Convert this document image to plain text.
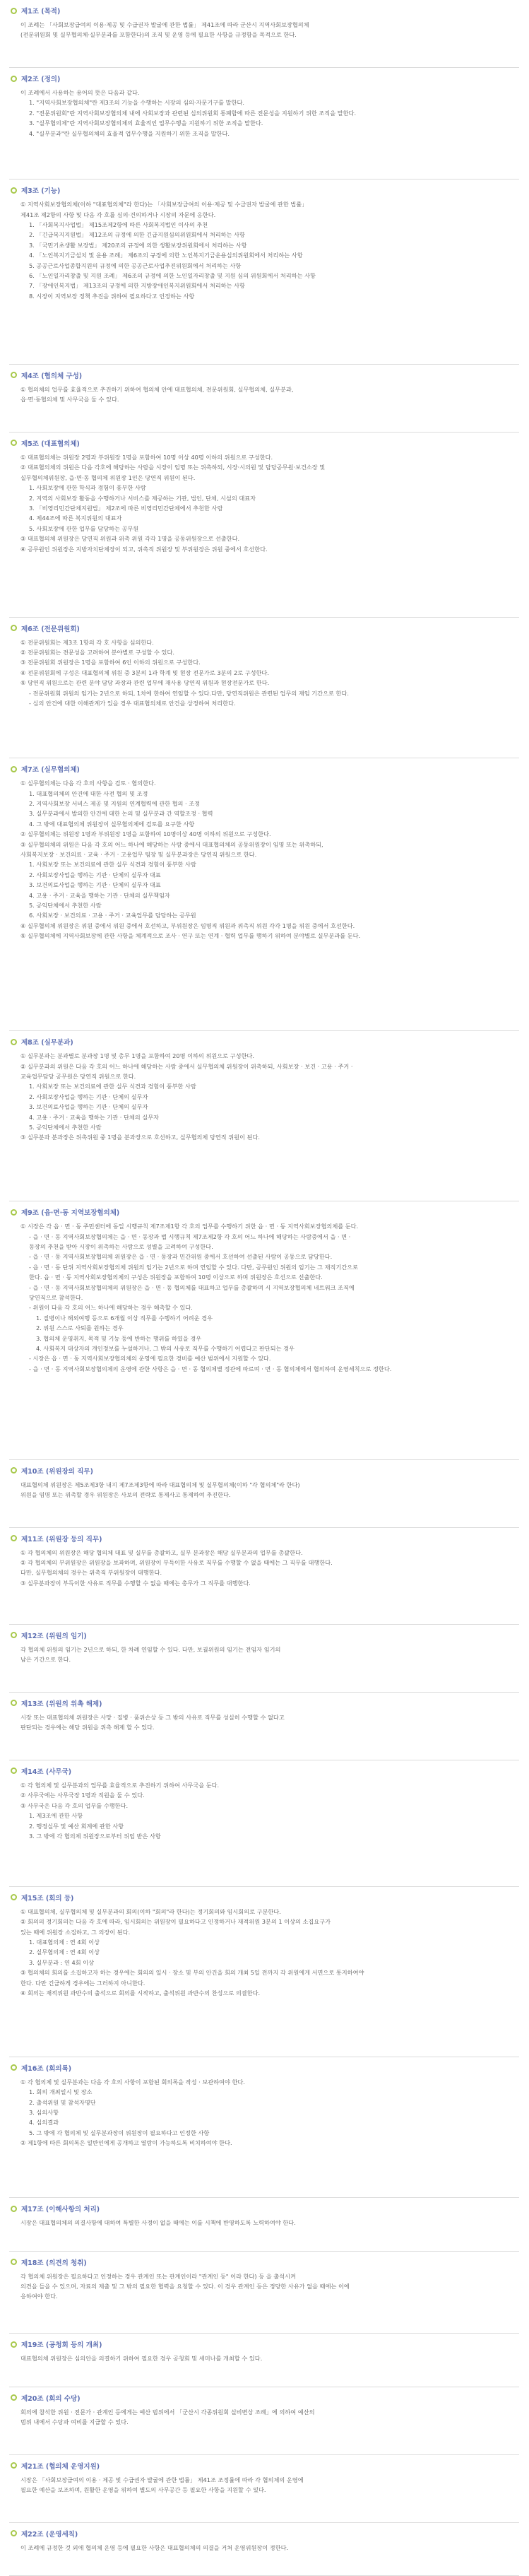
제1조 (목적)
이 조례는 「사회보장급여의 이용·제공 및 수급권자 발굴에 관한 법률」 제41조에 따라 군산시 지역사회보장협의체
(전문위원회 및 실무협의체·실무분과를 포함한다)의 조직 및 운영 등에 필요한 사항을 규정함을 목적으로 한다.
제2조 (정의)
이 조례에서 사용하는 용어의 뜻은 다음과 같다.
1. "지역사회보장협의체"란 제3조의 기능을 수행하는 시장의 심의·자문기구를 말한다.
2. "전문위원회"란 지역사회보장협의체 내에 사회보장과 관련된 심의위원회 통폐합에 따른 전문성을 지원하기 위한 조직을 말한다.
3. "실무협의체"란 지역사회보장협의체의 효율적인 업무수행을 지원하기 위한 조직을 말한다.
4. "실무분과"란 실무협의체의 효율적 업무수행을 지원하기 위한 조직을 말한다.
제3조 (기능)
① 지역사회보장협의체(이하 "대표협의체"라 한다)는 「사회보장급여의 이용·제공 및 수급권자 발굴에 관한 법률」
제41조 제2항의 사항 및 다음 각 호를 심의·건의하거나 시장의 자문에 응한다.
1. 「사회복지사업법」 제15조제2항에 따른 사회복지법인 이사의 추천
2. 「긴급복지지원법」 제12조의 규정에 의한 긴급지원심의위원회에서 처리하는 사항
3. 「국민기초생활 보장법」 제20조의 규정에 의한 생활보장위원회에서 처리하는 사항
4. 「노인복지기금설치 및 운용 조례」 제6조의 규정에 의한 노인복지기금운용심의위원회에서 처리하는 사항
5. 공공근로사업종합지원의 규정에 의한 공공근로사업추진위원회에서 처리하는 사항
6. 「노인일자리창출 및 지원 조례」 제6조의 규정에 의한 노인일자리창출 및 지원 심의 위원회에서 처리하는 사항
7. 「장애인복지법」 제13조의 규정에 의한 지방장애인복지위원회에서 처리하는 사항
8. 시장이 지역보장 정책 추진을 위하여 필요하다고 인정하는 사항
제4조 (협의체 구성)
① 협의체의 업무를 효율적으로 추진하기 위하여 협의체 안에 대표협의체, 전문위원회, 실무협의체, 실무분과,
읍·면·동협의체 및 사무국을 둘 수 있다.
제5조 (대표협의체)
① 대표협의체는 위원장 2명과 부위원장 1명을 포함하여 10명 이상 40명 이하의 위원으로 구성한다.
② 대표협의체의 위원은 다음 각호에 해당하는 사람을 시장이 임명 또는 위촉하되, 시장·시의원 및 담당공무원·보건소장 및
실무협의체위원장, 읍·면·동 협의체 위원장 1인은 당연직 위원이 된다.
1. 사회보장에 관한 학식과 경험이 풍부한 사람
2. 지역의 사회보장 활동을 수행하거나 서비스를 제공하는 기관, 법인, 단체, 시설의 대표자
3. 「비영리민간단체지원법」 제2조에 따른 비영리민간단체에서 추천한 사람
4. 제44조에 따른 복지위원의 대표자
5. 사회보장에 관한 업무를 담당하는 공무원
③ 대표협의체 위원장은 당연직 위원과 위촉 위원 각각 1명을 공동위원장으로 선출한다.
④ 공무원인 위원장은 지방자치단체장이 되고, 위촉직 위원장 및 부위원장은 위원 중에서 호선한다.
제6조 (전문위원회)
① 전문위원회는 제3조 1항의 각 호 사항을 심의한다.
② 전문위원회는 전문성을 고려하여 분야별로 구성할 수 있다.
③ 전문위원회 위원장은 1명을 포함하여 6인 이하의 위원으로 구성한다.
④ 전문위원회에 구성은 대표협의체 위원 중 3분의 1과 학계 및 현장 전문가로 3분의 2로 구성한다.
⑤ 당연직 위원으로는 관련 분야 담당 과장과 관련 업무에 재사용 당연직 위원과 현장전문가로 한다.
- 전문위원회 위원의 임기는 2년으로 하되, 1차에 한하여 연임할 수 있다.다만, 당연직위원은 관련된 업무의 재임 기간으로 한다.
- 심의 안건에 대한 이해관계가 있을 경우 대표협의체로 안건을 상정하여 처리한다.
제7조 (실무협의체)
① 실무협의체는 다음 각 호의 사항을 검토 · 협의한다.
1. 대표협의체의 안건에 대한 사전 협의 및 조정
2. 지역사회보장 서비스 제공 및 지원의 연계협력에 관한 협의 · 조정
3. 실무분과에서 발의한 안건에 대한 논의 및 실무분과 간 역할조정 · 협력
4. 그 밖에 대표협의체 위원장이 실무협의체에 검토를 요구한 사항
② 실무협의체는 위원장 1명과 부위원장 1명을 포함하여 10명이상 40명 이하의 위원으로 구성한다.
③ 실무협의체의 위원은 다음 각 호의 어느 하나에 해당하는 사람 중에서 대표협의체의 공동위원장이 임명 또는 위촉하되,
사회복지보장 · 보건의료 · 교육 · 주거 · 고용업무 팀장 및 실무분과장은 당연직 위원으로 한다.
1. 사회보장 또는 보건의료에 관한 실무 식견과 경험이 풍부한 사람
2. 사회보장사업을 행하는 기관 · 단체의 실무자 대표
3. 보건의료사업을 행하는 기관 · 단체의 실무자 대표
4. 고용 · 주거 · 교육을 행하는 기관 · 단체의 실무책임자
5. 공익단체에서 추천한 사람
6. 사회보장 · 보건의료 · 고용 · 주거 · 교육업무를 담당하는 공무원
④ 실무협의체 위원장은 위원 중에서 위원 중에서 호선하고, 부위원장은 임명직 위원과 위촉직 위원 각각 1명을 위원 중에서 호선한다.
⑤ 실무협의체에 지역사회보장에 관한 사항을 체계적으로 조사 · 연구 또는 연계 · 협력 업무를 행하기 위하여 분야별로 실무분과를 둔다.
제8조 (실무분과)
① 실무분과는 분과별로 분과장 1명 및 총무 1명을 포함하여 20명 이하의 위원으로 구성한다.
② 실무분과의 위원은 다음 각 호의 어느 하나에 해당하는 사람 중에서 실무협의체 위원장이 위촉하되, 사회보장 · 보건 · 고용 · 주거 ·
교육업무담당 공무원은 당연직 위원으로 한다.
1. 사회보장 또는 보건의료에 관한 실무 식견과 경험이 풍부한 사람
2. 사회보장사업을 행하는 기관 · 단체의 실무자
3. 보건의료사업을 행하는 기관 · 단체의 실무자
4. 고용 · 주거 · 교육을 행하는 기관 · 단체의 실무자
5. 공익단체에서 추천한 사람
③ 실무분과 분과장은 위촉위원 중 1명을 분과장으로 호선하고, 실무협의체 당연직 위원이 된다.
제9조 (읍·면·동 지역보장협의체)
① 시장은 각 읍 · 면 · 동 주민센터에 동일 시행규칙 제7조제1항 각 호의 업무를 수행하기 위한 읍 · 면 · 동 지역사회보장협의체를 둔다.
- 읍 · 면 · 동 지역사회보장협의체는 읍 · 면 · 동장과 법 시행규칙 제7조제2항 각 호의 어느 하나에 해당하는 사람중에서 읍 · 면 ·
동장의 추천을 받아 시장이 위촉하는 사람으로 성별을 고려하여 구성한다.
- 읍 · 면 · 동 지역사회보장협의체 위원장은 읍 · 면 · 동장과 민간위원 중에서 호선하여 선출된 사람이 공동으로 담당한다.
- 읍 · 면 · 동 단위 지역사회보장협의체 위원의 임기는 2년으로 하며 연임할 수 있다. 다만, 공무원인 위원의 임기는 그 재직기간으로
한다. 읍 · 면 · 동 지역사회보장협의체의 구성은 위원장을 포함하여 10명 이상으로 하며 위원장은 호선으로 선출한다.
- 읍 · 면 · 동 지역사회보장협의체의 위원장은 읍 · 면 · 동 협의체를 대표하고 업무를 총괄하며 시 지역보장협의체 네트워크 조직에
당연직으로 참석한다.
- 위원이 다음 각 호의 어느 하나에 해당하는 경우 해촉할 수 있다.
1. 질병이나 해외여행 등으로 6개월 이상 직무를 수행하기 어려운 경우
2. 위원 스스로 사퇴를 원하는 경우
3. 협의체 운영취지, 목적 및 기능 등에 반하는 행위를 하였을 경우
4. 사회복지 대상자의 개인정보를 누설하거나, 그 밖의 사유로 직무를 수행하기 어렵다고 판단되는 경우
- 시장은 읍 · 면 · 동 지역사회보장협의체의 운영에 필요한 경비를 예산 범위에서 지원할 수 있다.
- 읍 · 면 · 동 지역사회보장협의체의 운영에 관한 사항은 읍 · 면 · 동 협의체별 정관에 따르며 · 면 · 동 협의체에서 협의하여 운영세칙으로 정한다.
제10조 (위원장의 직무)
대표협의체 위원장은 제5조제3항 내지 제7조제3항에 따라 대표협의체 및 실무협의체(이하 "각 협의체"라 한다)
위원을 임명 또는 위촉할 경우 위원장은 사보의 전략로 통제사고 통제하여 추진한다.
제11조 (위원장 등의 직무)
① 각 협의체의 위원장은 해당 협의체 대표 및 실무를 총괄하고, 실무 분과장은 해당 실무분과의 업무를 총괄한다.
② 각 협의체의 부위원장은 위원장을 보좌하며, 위원장이 부득이한 사유로 직무를 수행할 수 없을 때에는 그 직무를 대행한다.
다만, 실무협의체의 경우는 위촉직 부위원장이 대행한다.
③ 실무분과장이 부득이한 사유로 직무를 수행할 수 없을 때에는 총무가 그 직무를 대행한다.
제12조 (위원의 임기)
각 협의체 위원의 임기는 2년으로 하되, 한 차례 연임할 수 있다. 다만, 보궐위원의 임기는 전임자 임기의
남은 기간으로 한다.
제13조 (위원의 위촉 해제)
시장 또는 대표협의체 위원장은 사망 · 질병 · 품위손상 등 그 밖의 사유로 직무를 성실히 수행할 수 없다고
판단되는 경우에는 해당 위원을 위촉 해제 할 수 있다.
제14조 (사무국)
① 각 협의체 및 실무분과의 업무를 효율적으로 추진하기 위하여 사무국을 둔다.
② 사무국에는 사무국장 1명과 직원을 둘 수 있다.
③ 사무국은 다음 각 호의 업무를 수행한다.
1. 제3조에 관한 사항
2. 행정실무 및 예산 회계에 관한 사항
3. 그 밖에 각 협의체 위원장으로부터 위임 받은 사항
제15조 (회의 등)
① 대표협의체, 실무협의체 및 실무분과의 회의(이하 "회의"라 한다)는 정기회의와 임시회의로 구분한다.
② 회의의 정기회의는 다음 각 호에 따라, 임시회의는 위원장이 필요하다고 인정하거나 재적위원 3분의 1 이상의 소집요구가
있는 때에 위원장 소집하고, 그 의장이 된다.
1. 대표협의체 : 연 4회 이상
2. 실무협의체 : 연 4회 이상
3. 실무분과 : 연 4회 이상
③ 협의체의 회의를 소집하고자 하는 경우에는 회의의 일시 · 장소 및 부의 안건을 회의 개최 5일 전까지 각 위원에게 서면으로 통지하여야
한다. 다만 긴급하게 경우에는 그러하지 아니한다.
④ 회의는 재적위원 과반수의 출석으로 회의를 시작하고, 출석위원 과반수의 찬성으로 의결한다.
제16조 (회의록)
① 각 협의체 및 실무분과는 다음 각 호의 사항이 포함된 회의록을 작성 · 보관하여야 한다.
1. 회의 개최일시 및 장소
2. 출석위원 및 참석자명단
3. 심의사항
4. 심의결과
5. 그 밖에 각 협의체 및 실무분과장이 위원장이 필요하다고 인정한 사항
② 제1항에 따른 회의록은 일반인에게 공개하고 열람이 가능하도록 비치하여야 한다.
제17조 (이해사항의 처리)
시장은 대표협의체의 의결사항에 대하여 특별한 사정이 없을 때에는 이를 시책에 반영하도록 노력하여야 한다.
제18조 (의견의 청취)
각 협의체 위원장은 필요하다고 인정하는 경우 관계인 또는 관계인이라 "관계인 등" 이라 한다) 등 을 출석시켜
의견을 들을 수 있으며, 자료의 제출 및 그 밖의 필요한 협력을 요청할 수 있다. 이 경우 관계인 등은 정당한 사유가 없을 때에는 이에
응하여야 한다.
제19조 (공청회 등의 개최)
대표협의체 위원장은 심의안을 의결하기 위하여 필요한 경우 공청회 및 세미나를 개최할 수 있다.
제20조 (회의 수당)
회의에 참석한 위원 · 전문가 · 관계인 등에게는 예산 범위에서 「군산시 각종위원회 실비변상 조례」에 의하여 예산의
범위 내에서 수당과 여비를 지급할 수 있다.
제21조 (협의체 운영지원)
시장은 「사회보장급여의 이용 · 제공 및 수급권자 발굴에 관한 법률」 제41조 조정률에 따라 각 협의체의 운영에
필요한 예산을 보조하며, 원활한 운영을 위하여 별도의 사무공간 등 필요한 사항을 지원할 수 있다.
제22조 (운영세칙)
이 조례에 규정한 것 외에 협의체 운영 등에 필요한 사항은 대표협의체의 의결을 거쳐 운영위원장이 정한다.
